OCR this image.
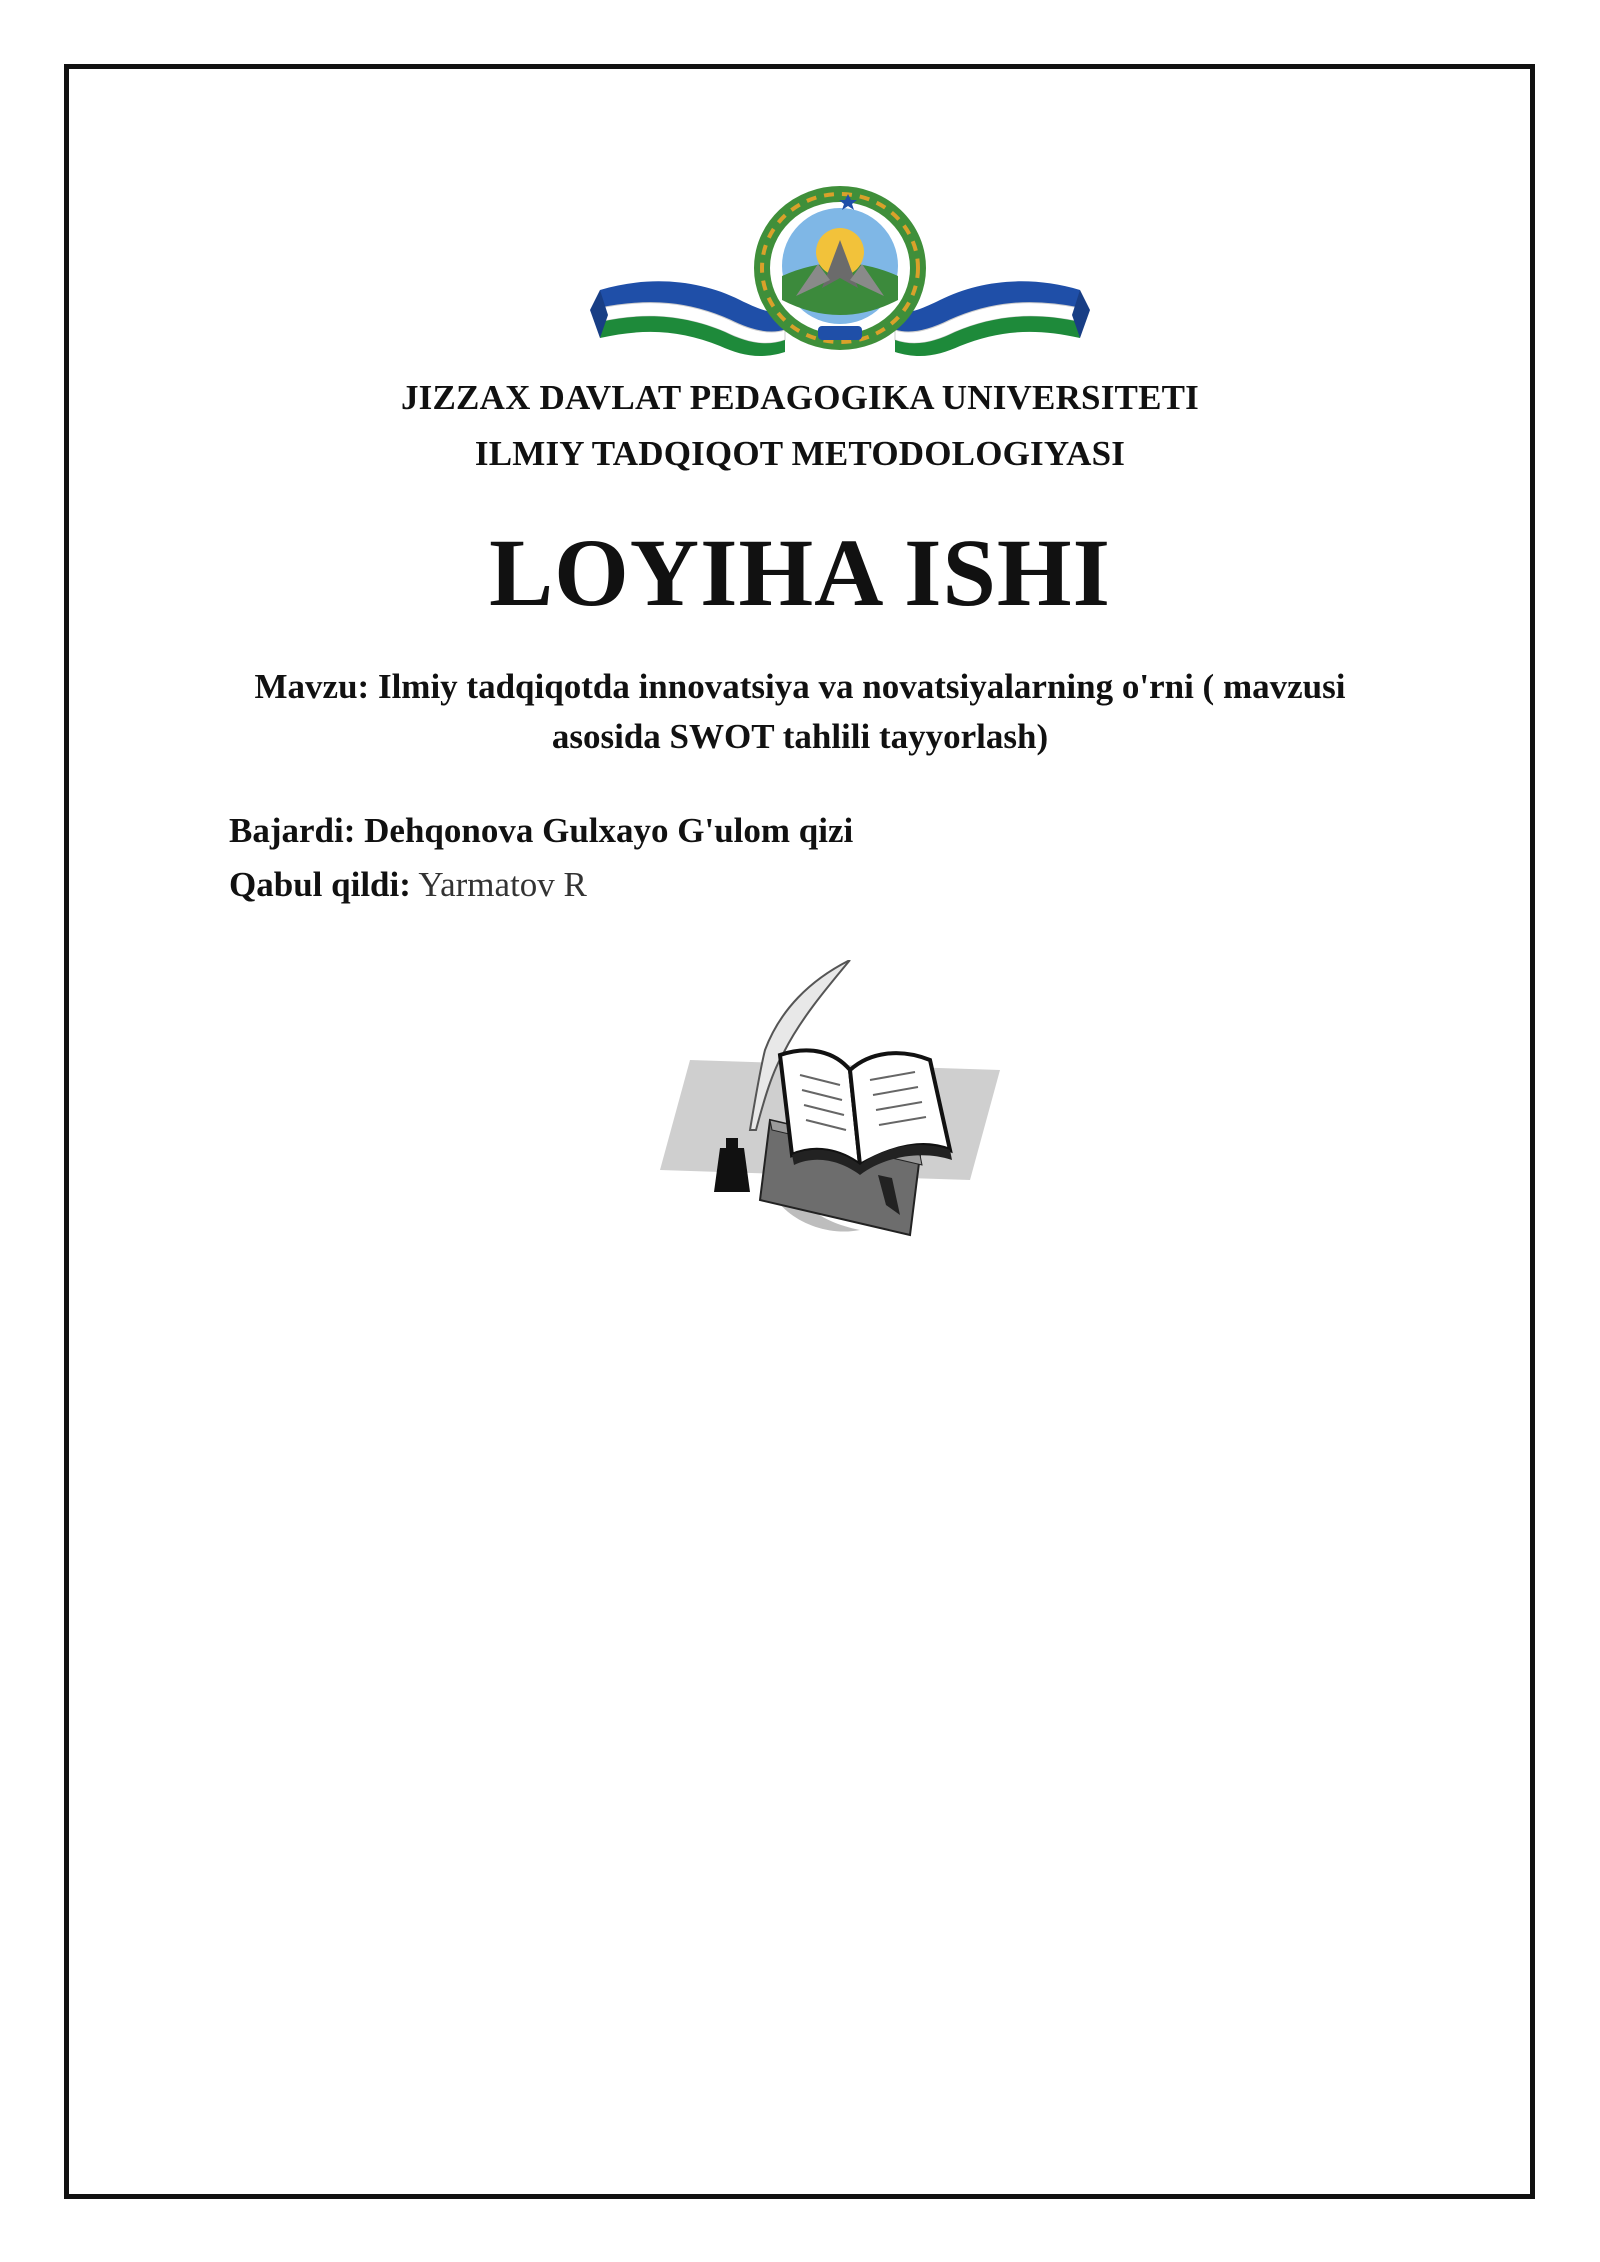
JIZZAX DAVLAT PEDAGOGIKA UNIVERSITETI
ILMIY TADQIQOT METODOLOGIYASI
LOYIHA ISHI
Mavzu: Ilmiy tadqiqotda innovatsiya va novatsiyalarning o'rni ( mavzusi
asosida SWOT tahlili tayyorlash)
Bajardi: Dehqonova Gulxayo G'ulom qizi
Qabul qildi: Yarmatov R
